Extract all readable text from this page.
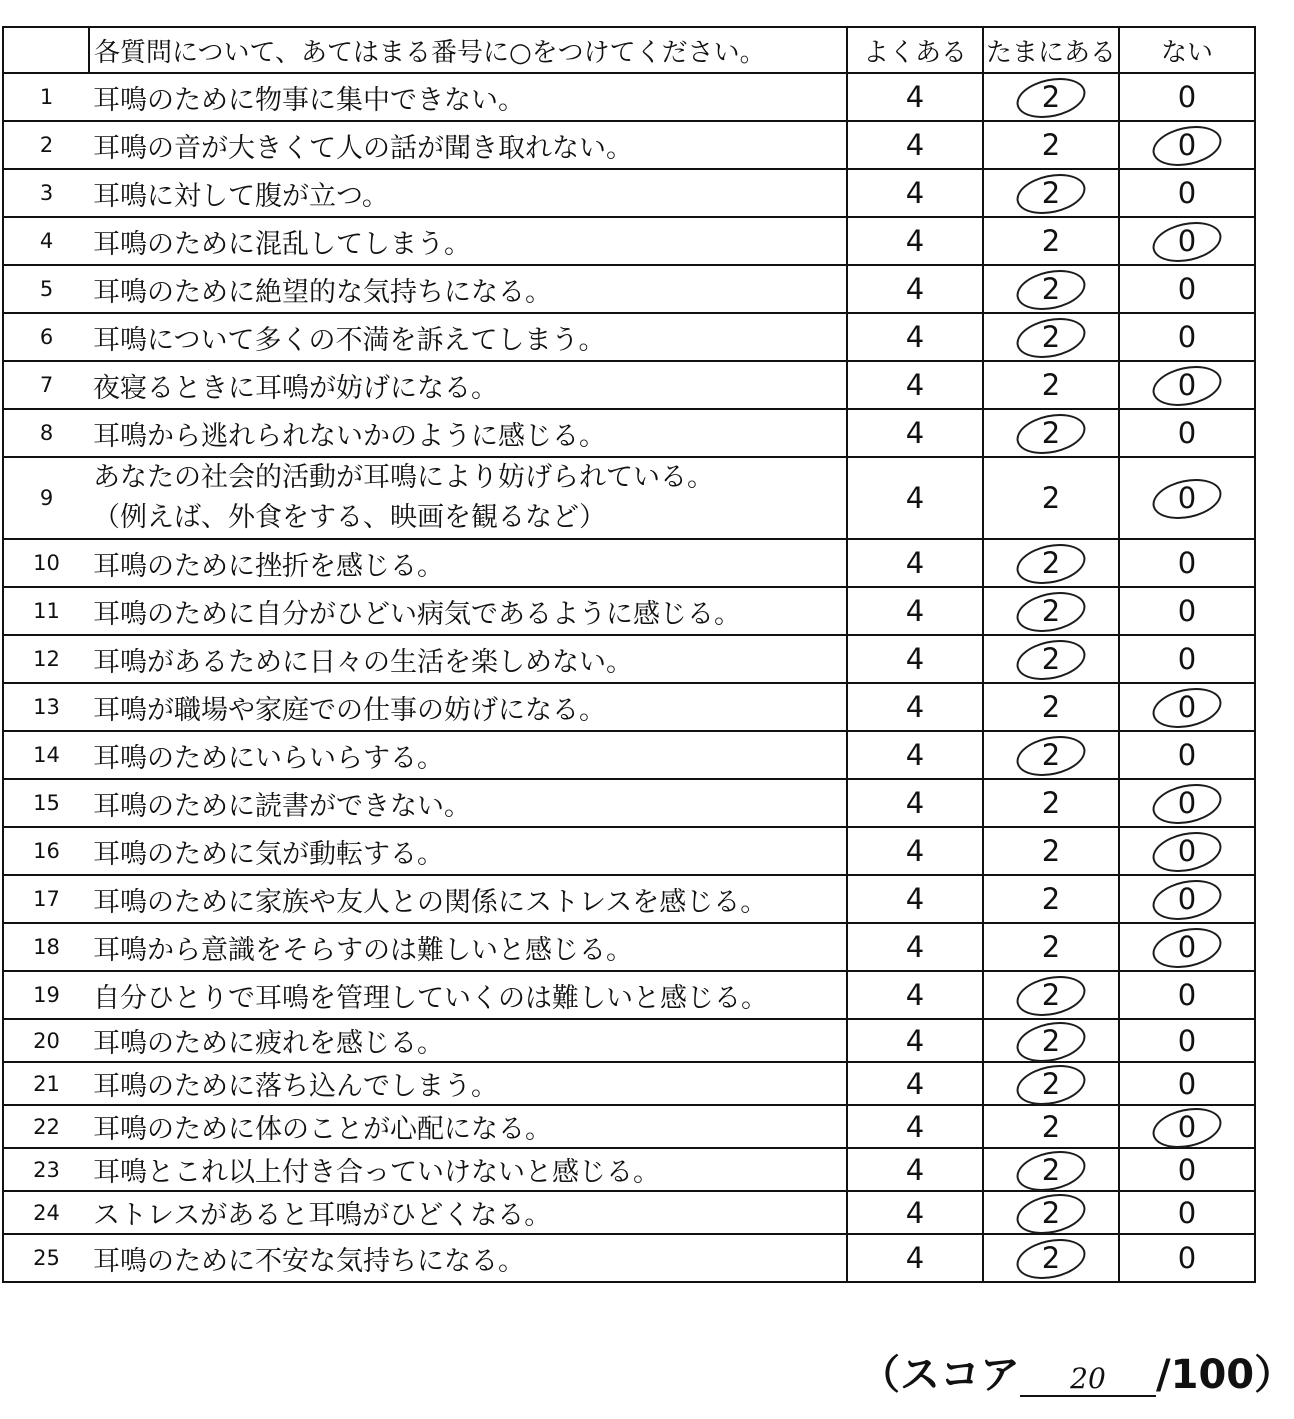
	各質問について、あてはまる番号に○をつけてください。	よくある	たまにある	ない
1	耳鳴のために物事に集中できない。	4	2	0
2	耳鳴の音が大きくて人の話が聞き取れない。	4	2	0

3	耳鳴に対して腹が立つ。	4	2	0
4	耳鳴のために混乱してしまう。	4	2	0

5	耳鳴のために絶望的な気持ちになる。	4	2	0
6	耳鳴について多くの不満を訴えてしまう。	4	2	0
7	夜寝るときに耳鳴が妨げになる。	4	2	0

8	耳鳴から逃れられないかのように感じる。	4	2	0
9	あなたの社会的活動が耳鳴により妨げられている。
（例えば、外食をする、映画を観るなど）	4	2	0

10	耳鳴のために挫折を感じる。	4	2	0
11	耳鳴のために自分がひどい病気であるように感じる。	4	2	0
12	耳鳴があるために日々の生活を楽しめない。	4	2	0
13	耳鳴が職場や家庭での仕事の妨げになる。	4	2	0

14	耳鳴のためにいらいらする。	4	2	0
15	耳鳴のために読書ができない。	4	2	0

16	耳鳴のために気が動転する。	4	2	0

17	耳鳴のために家族や友人との関係にストレスを感じる。	4	2	0

18	耳鳴から意識をそらすのは難しいと感じる。	4	2	0

19	自分ひとりで耳鳴を管理していくのは難しいと感じる。	4	2	0
20	耳鳴のために疲れを感じる。	4	2	0
21	耳鳴のために落ち込んでしまう。	4	2	0
22	耳鳴のために体のことが心配になる。	4	2	0

23	耳鳴とこれ以上付き合っていけないと感じる。	4	2	0
24	ストレスがあると耳鳴がひどくなる。	4	2	0
25	耳鳴のために不安な気持ちになる。	4	2	0
（スコア 20 /100）
